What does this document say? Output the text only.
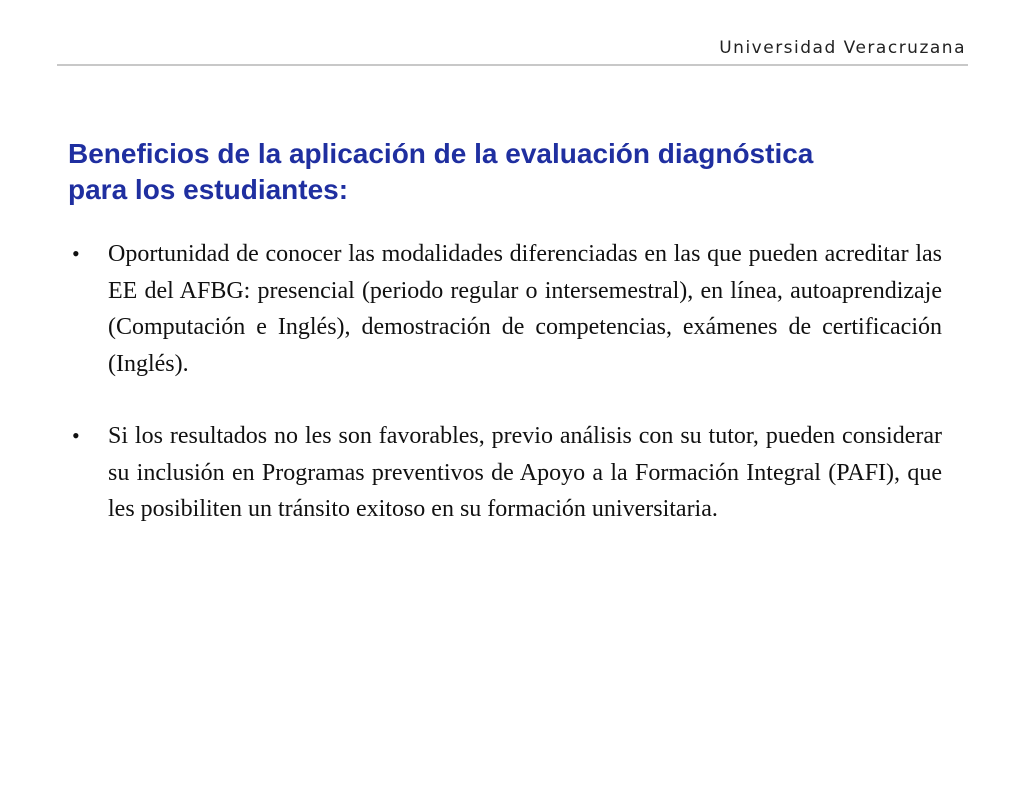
Universidad Veracruzana
Beneficios de la aplicación de la evaluación diagnóstica
para los estudiantes:
• Oportunidad de conocer las modalidades diferenciadas en las que pueden acreditar las EE del AFBG: presencial (periodo regular o intersemestral), en línea, autoaprendizaje (Computación e Inglés), demostración de competencias, exámenes de certificación (Inglés).
• Si los resultados no les son favorables, previo análisis con su tutor, pueden considerar su inclusión en Programas preventivos de Apoyo a la Formación Integral (PAFI), que les posibiliten un tránsito exitoso en su formación universitaria.
